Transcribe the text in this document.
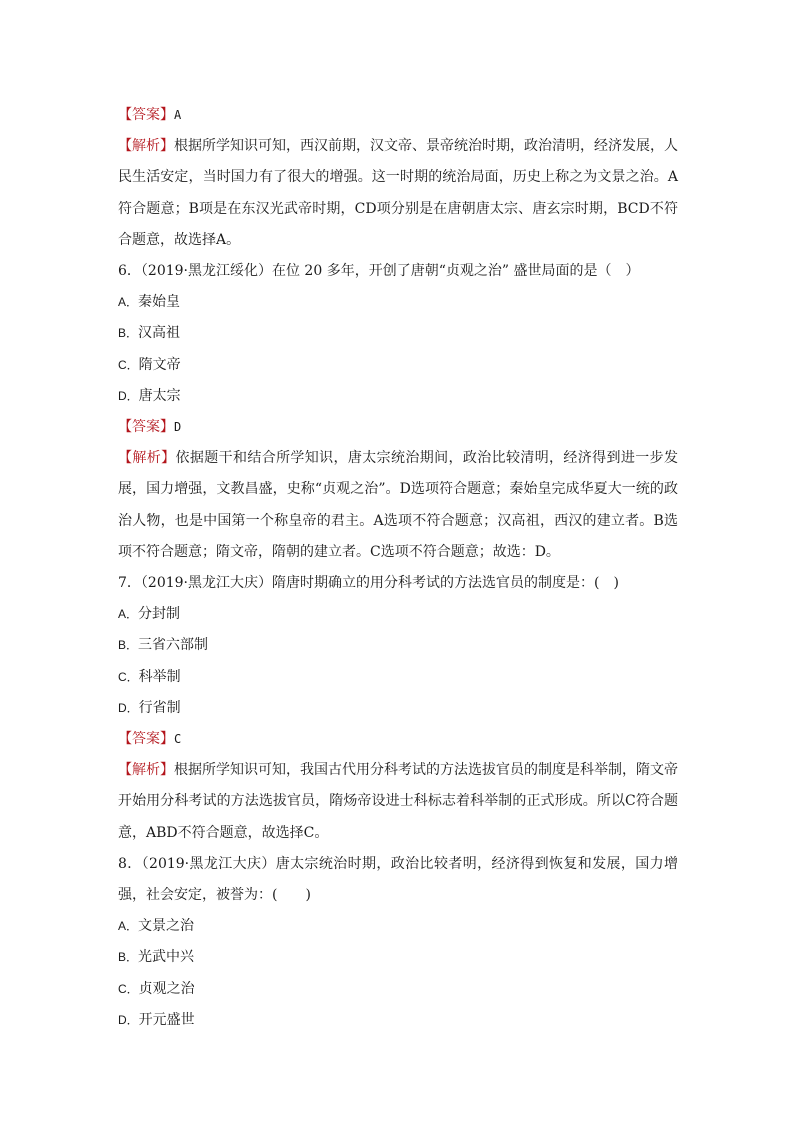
【答案】A
【解析】根据所学知识可知，西汉前期，汉文帝、景帝统治时期，政治清明，经济发展，人民生活安定，当时国力有了很大的增强。这一时期的统治局面，历史上称之为文景之治。A符合题意；B项是在东汉光武帝时期，CD项分别是在唐朝唐太宗、唐玄宗时期，BCD不符合题意，故选择A。
6．（2019·黑龙江绥化）在位 20 多年，开创了唐朝“贞观之治” 盛世局面的是（　）
A．秦始皇
B．汉高祖
C．隋文帝
D．唐太宗
【答案】D
【解析】依据题干和结合所学知识，唐太宗统治期间，政治比较清明，经济得到进一步发展，国力增强，文教昌盛，史称“贞观之治”。D选项符合题意；秦始皇完成华夏大一统的政治人物，也是中国第一个称皇帝的君主。A选项不符合题意；汉高祖，西汉的建立者。B选项不符合题意；隋文帝，隋朝的建立者。C选项不符合题意；故选：D。
7．（2019·黑龙江大庆）隋唐时期确立的用分科考试的方法选官员的制度是：(　)
A．分封制
B．三省六部制
C．科举制
D．行省制
【答案】C
【解析】根据所学知识可知，我国古代用分科考试的方法选拔官员的制度是科举制，隋文帝开始用分科考试的方法选拔官员，隋炀帝设进士科标志着科举制的正式形成。所以C符合题意，ABD不符合题意，故选择C。
8．（2019·黑龙江大庆）唐太宗统治时期，政治比较者明，经济得到恢复和发展，国力增强，社会安定，被誉为：(　　)
A．文景之治
B．光武中兴
C．贞观之治
D．开元盛世
